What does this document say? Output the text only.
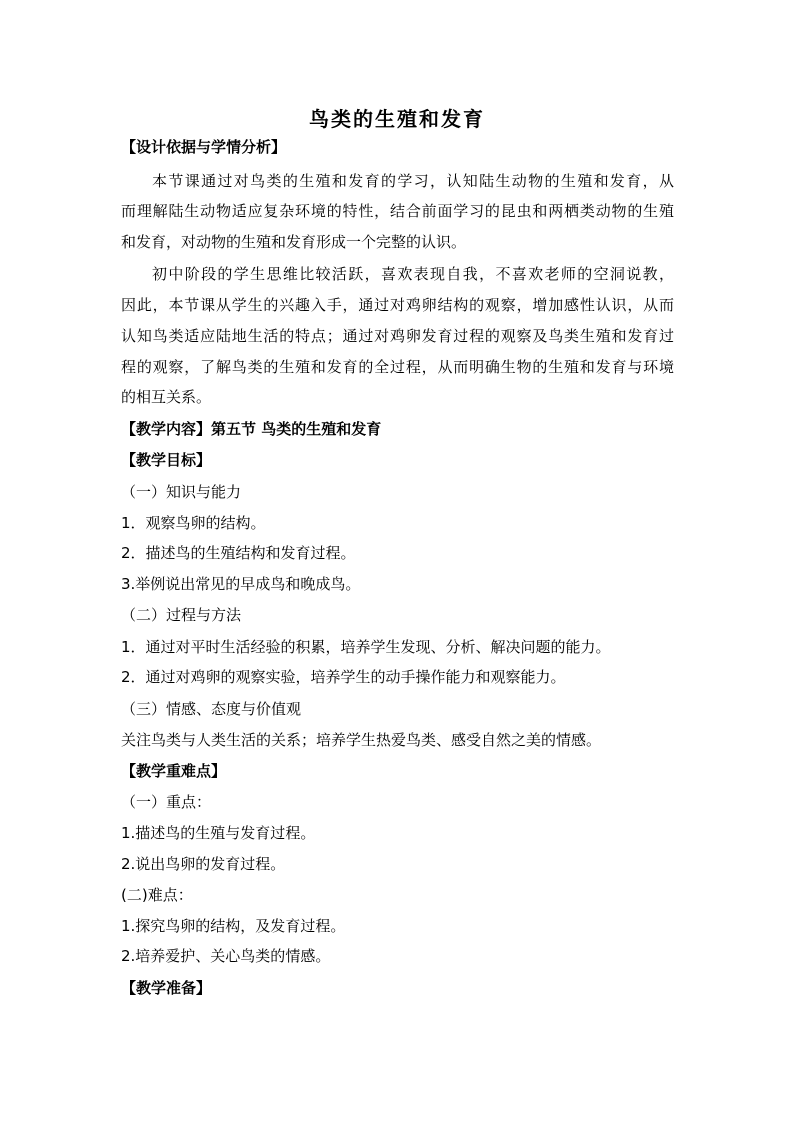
鸟类的生殖和发育
【设计依据与学情分析】
本节课通过对鸟类的生殖和发育的学习，认知陆生动物的生殖和发育，从
而理解陆生动物适应复杂环境的特性，结合前面学习的昆虫和两栖类动物的生殖
和发育，对动物的生殖和发育形成一个完整的认识。
初中阶段的学生思维比较活跃，喜欢表现自我，不喜欢老师的空洞说教，
因此，本节课从学生的兴趣入手，通过对鸡卵结构的观察，增加感性认识，从而
认知鸟类适应陆地生活的特点；通过对鸡卵发育过程的观察及鸟类生殖和发育过
程的观察，了解鸟类的生殖和发育的全过程，从而明确生物的生殖和发育与环境
的相互关系。
【教学内容】第五节 鸟类的生殖和发育
【教学目标】
（一）知识与能力
1．观察鸟卵的结构。
2．描述鸟的生殖结构和发育过程。
3.举例说出常见的早成鸟和晚成鸟。
（二）过程与方法
1．通过对平时生活经验的积累，培养学生发现、分析、解决问题的能力。
2．通过对鸡卵的观察实验，培养学生的动手操作能力和观察能力。
（三）情感、态度与价值观
关注鸟类与人类生活的关系；培养学生热爱鸟类、感受自然之美的情感。
【教学重难点】
（一）重点：
1.描述鸟的生殖与发育过程。
2.说出鸟卵的发育过程。
(二)难点：
1.探究鸟卵的结构，及发育过程。
2.培养爱护、关心鸟类的情感。
【教学准备】
